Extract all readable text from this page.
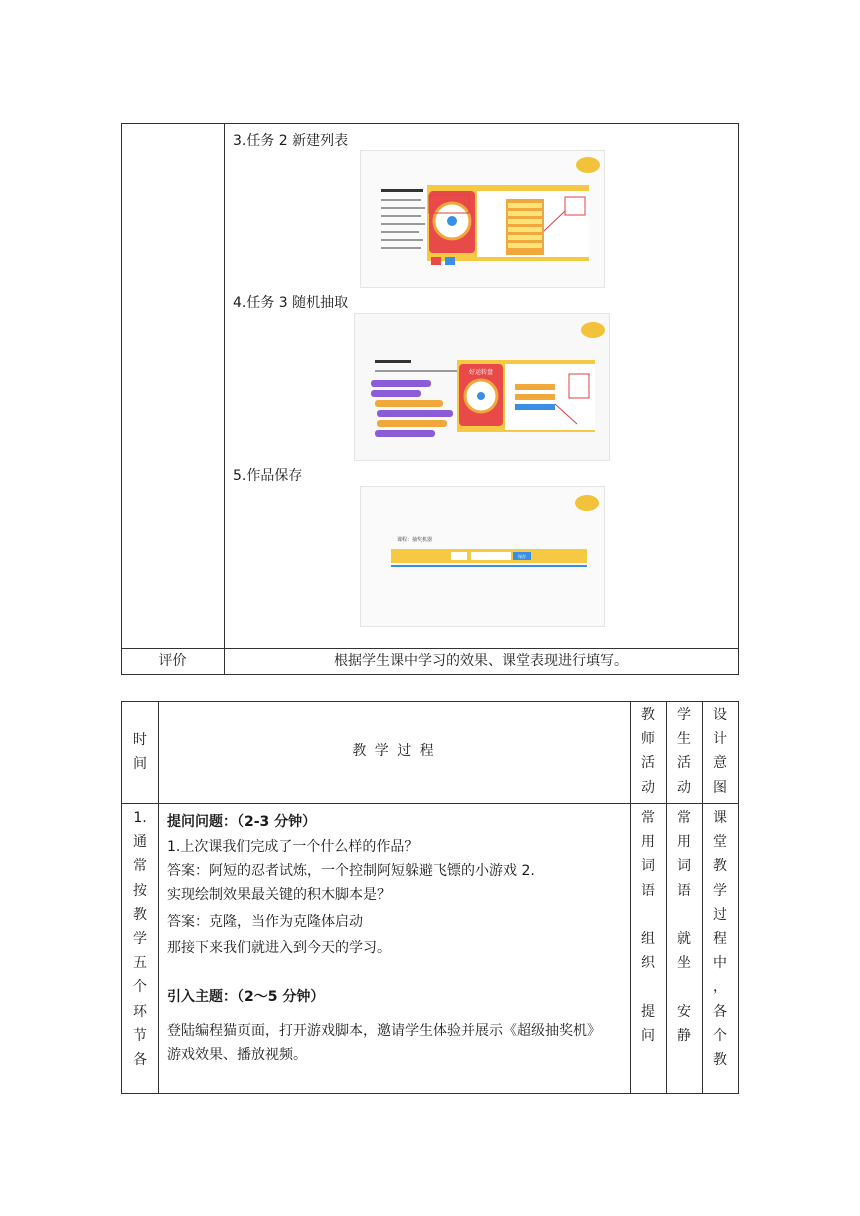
3.任务 2 新建列表
4.任务 3 随机抽取
好运转盘
5.作品保存
课程：抽奖机器
保存
评价	根据学生课中学习的效果、课堂表现进行填写。
时
间
教 学 过 程
教
师
活
动
学
生
活
动
设
计
意
图
1.
通
常
按
教
学
五
个
环
节
各
提问问题：（2-3 分钟）
1.上次课我们完成了一个什么样的作品？
答案：阿短的忍者试炼，一个控制阿短躲避飞镖的小游戏 2.
实现绘制效果最关键的积木脚本是？
答案：克隆，当作为克隆体启动
那接下来我们就进入到今天的学习。
引入主题：（2～5 分钟）
登陆编程猫页面，打开游戏脚本，邀请学生体验并展示《超级抽奖机》
游戏效果、播放视频。
常
用
词
语

组
织

提
问
常
用
词
语

就
坐

安
静
课
堂
教
学
过
程
中
，
各
个
教
